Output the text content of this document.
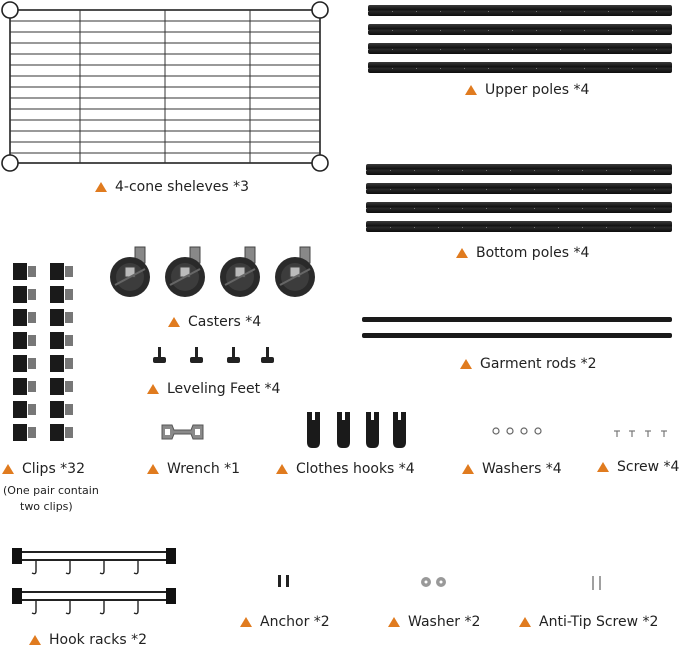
4-cone sheleves *3
Upper poles *4
Bottom poles *4
Casters *4
Garment rods *2
Leveling Feet *4
Clips *32
(One pair contain
two clips)
Wrench *1	Clothes hooks *4	Washers *4	Screw *4
Hook racks *2
Anchor *2	Washer *2	Anti-Tip Screw *2
